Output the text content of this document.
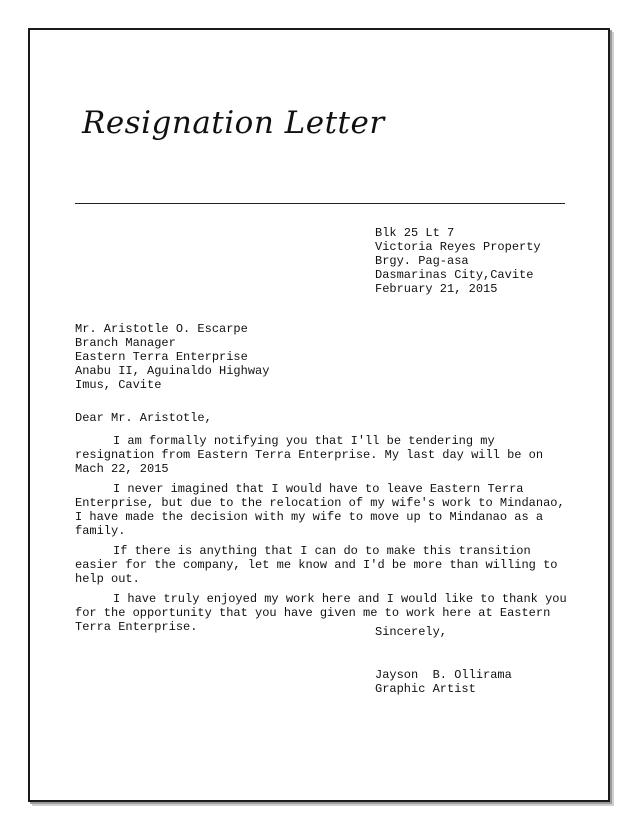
Resignation Letter
Blk 25 Lt 7
Victoria Reyes Property
Brgy. Pag-asa
Dasmarinas City,Cavite
February 21, 2015
Mr. Aristotle O. Escarpe
Branch Manager
Eastern Terra Enterprise
Anabu II, Aguinaldo Highway
Imus, Cavite
Dear Mr. Aristotle,

I am formally notifying you that I'll be tendering my resignation from Eastern Terra Enterprise. My last day will be on Mach 22, 2015

I never imagined that I would have to leave Eastern Terra Enterprise, but due to the relocation of my wife's work to Mindanao, I have made the decision with my wife to move up to Mindanao as a family.

If there is anything that I can do to make this transition easier for the company, let me know and I'd be more than willing to help out.

I have truly enjoyed my work here and I would like to thank you for the opportunity that you have given me to work here at Eastern Terra Enterprise.	Sincerely,
Jayson  B. Ollirama
Graphic Artist
